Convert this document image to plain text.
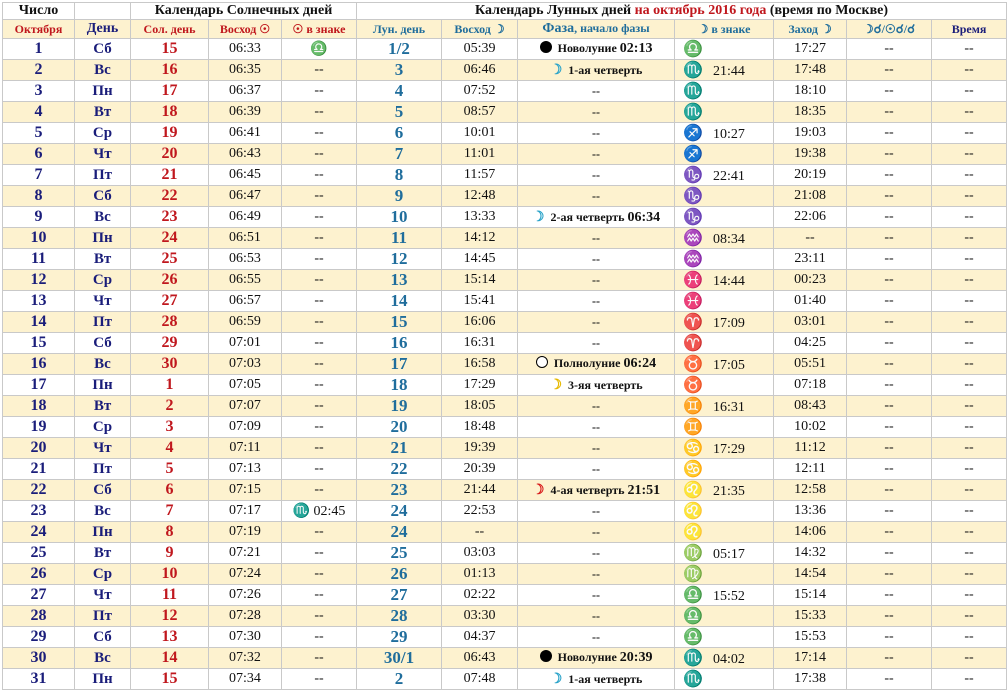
Число		Календарь Солнечных дней			Календарь Лунных дней на октябрь 2016 года (время по Москве)						
Октября	День	Сол. день	Восход ☉	☉ в знаке	Лун. день	Восход ☽	Фаза, начало фазы	☽ в знаке	Заход ☽	☽☌/☉☌/☌	Время
1	Сб	15	06:33	♎	1/2	05:39	Новолуние 02:13	♎	17:27	--	--
2	Вс	16	06:35	--	3	06:46	☽ 1-ая четверть	♏ 21:44	17:48	--	--
3	Пн	17	06:37	--	4	07:52	--	♏	18:10	--	--
4	Вт	18	06:39	--	5	08:57	--	♏	18:35	--	--
5	Ср	19	06:41	--	6	10:01	--	♐ 10:27	19:03	--	--
6	Чт	20	06:43	--	7	11:01	--	♐	19:38	--	--
7	Пт	21	06:45	--	8	11:57	--	♑ 22:41	20:19	--	--
8	Сб	22	06:47	--	9	12:48	--	♑	21:08	--	--
9	Вс	23	06:49	--	10	13:33	☽ 2-ая четверть 06:34	♑	22:06	--	--
10	Пн	24	06:51	--	11	14:12	--	♒ 08:34	--	--	--
11	Вт	25	06:53	--	12	14:45	--	♒	23:11	--	--
12	Ср	26	06:55	--	13	15:14	--	♓ 14:44	00:23	--	--
13	Чт	27	06:57	--	14	15:41	--	♓	01:40	--	--
14	Пт	28	06:59	--	15	16:06	--	♈ 17:09	03:01	--	--
15	Сб	29	07:01	--	16	16:31	--	♈	04:25	--	--
16	Вс	30	07:03	--	17	16:58	Полнолуние 06:24	♉ 17:05	05:51	--	--
17	Пн	1	07:05	--	18	17:29	☽ 3-яя четверть	♉	07:18	--	--
18	Вт	2	07:07	--	19	18:05	--	♊ 16:31	08:43	--	--
19	Ср	3	07:09	--	20	18:48	--	♊	10:02	--	--
20	Чт	4	07:11	--	21	19:39	--	♋ 17:29	11:12	--	--
21	Пт	5	07:13	--	22	20:39	--	♋	12:11	--	--
22	Сб	6	07:15	--	23	21:44	☽ 4-ая четверть 21:51	♌ 21:35	12:58	--	--
23	Вс	7	07:17	♏ 02:45	24	22:53	--	♌	13:36	--	--
24	Пн	8	07:19	--	24	--	--	♌	14:06	--	--
25	Вт	9	07:21	--	25	03:03	--	♍ 05:17	14:32	--	--
26	Ср	10	07:24	--	26	01:13	--	♍	14:54	--	--
27	Чт	11	07:26	--	27	02:22	--	♎ 15:52	15:14	--	--
28	Пт	12	07:28	--	28	03:30	--	♎	15:33	--	--
29	Сб	13	07:30	--	29	04:37	--	♎	15:53	--	--
30	Вс	14	07:32	--	30/1	06:43	Новолуние 20:39	♏ 04:02	17:14	--	--
31	Пн	15	07:34	--	2	07:48	☽ 1-ая четверть	♏	17:38	--	--
